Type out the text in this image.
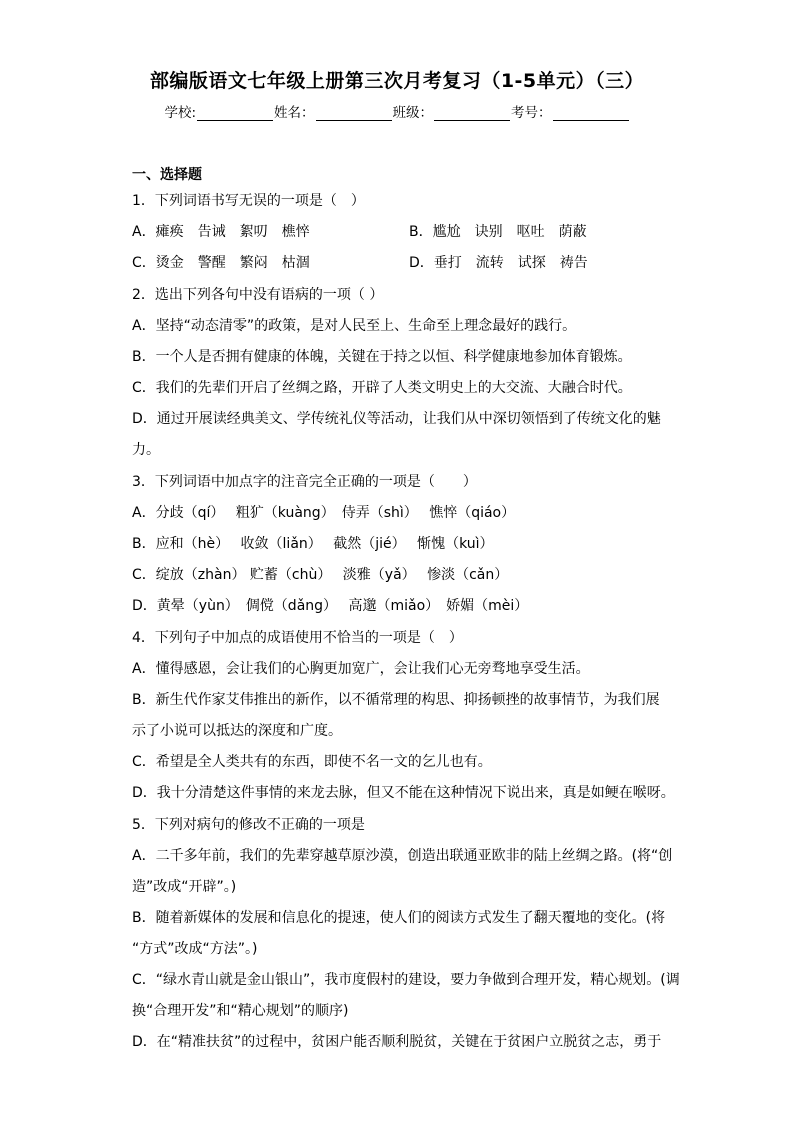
部编版语文七年级上册第三次月考复习（1-5单元）（三）
学校:	姓名：	班级：	考号：
一、选择题
1．下列词语书写无误的一项是（　）
A．瘫痪　告诫　絮叨　樵悴	B．尴尬　诀别　呕吐　荫蔽
C．烫金　警醒　繁闷　枯涸	D．垂打　流转　试探　祷告
2．选出下列各句中没有语病的一项（ ）
A．坚持“动态清零”的政策，是对人民至上、生命至上理念最好的践行。
B．一个人是否拥有健康的体魄，关键在于持之以恒、科学健康地参加体育锻炼。
C．我们的先辈们开启了丝绸之路，开辟了人类文明史上的大交流、大融合时代。
D．通过开展读经典美文、学传统礼仪等活动，让我们从中深切领悟到了传统文化的魅
力。
3．下列词语中加点字的注音完全正确的一项是（　　）
A．分歧（qí）　 粗犷（kuàng）　侍弄（shì）　 憔悴（qiáo）
B．应和（hè）　 收敛（liǎn）　 截然（jié）　 惭愧（kuì）
C．绽放（zhàn） 贮蓄（chù）　 淡雅（yǎ）　 惨淡（cǎn）
D．黄晕（yùn）　倜傥（dǎng）　 高邈（miǎo）　娇媚（mèi）
4．下列句子中加点的成语使用不恰当的一项是（　）
A．懂得感恩，会让我们的心胸更加宽广，会让我们心无旁骛地享受生活。
B．新生代作家艾伟推出的新作，以不循常理的构思、抑扬顿挫的故事情节，为我们展
示了小说可以抵达的深度和广度。
C．希望是全人类共有的东西，即使不名一文的乞儿也有。
D．我十分清楚这件事情的来龙去脉，但又不能在这种情况下说出来，真是如鲠在喉呀。
5．下列对病句的修改不正确的一项是
A．二千多年前，我们的先辈穿越草原沙漠，创造出联通亚欧非的陆上丝绸之路。(将“创
造”改成“开辟”。)
B．随着新媒体的发展和信息化的提速，使人们的阅读方式发生了翻天覆地的变化。(将
“方式”改成“方法”。)
C．“绿水青山就是金山银山”，我市度假村的建设，要力争做到合理开发，精心规划。(调
换“合理开发”和“精心规划”的顺序)
D．在“精准扶贫”的过程中，贫困户能否顺利脱贫，关键在于贫困户立脱贫之志，勇于
